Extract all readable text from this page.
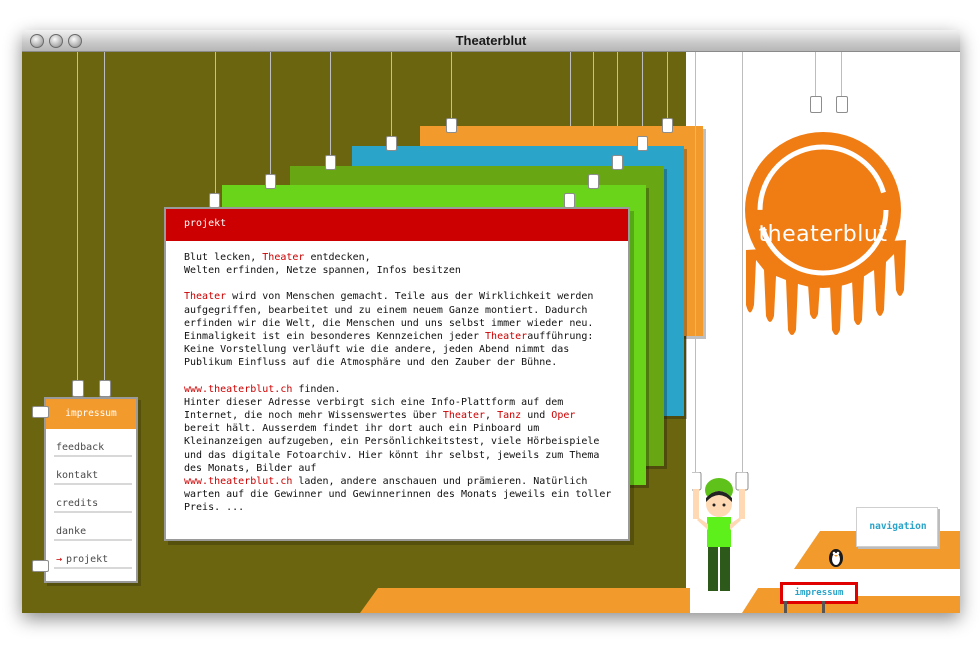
Theaterblut
projekt

Blut lecken, Theater entdecken,
Welten erfinden, Netze spannen, Infos besitzen

Theater wird von Menschen gemacht. Teile aus der Wirklichkeit werden aufgegriffen, bearbeitet und zu einem neuem Ganze montiert. Dadurch erfinden wir die Welt, die Menschen und uns selbst immer wieder neu. Einmaligkeit ist ein besonderes Kennzeichen jeder Theateraufführung: Keine Vorstellung verläuft wie die andere, jeden Abend nimmt das Publikum Einfluss auf die Atmosphäre und den Zauber der Bühne.

www.theaterblut.ch finden.
Hinter dieser Adresse verbirgt sich eine Info-Plattform auf dem Internet, die noch mehr Wissenswertes über Theater, Tanz und Oper bereit hält. Ausserdem findet ihr dort auch ein Pinboard um Kleinanzeigen aufzugeben, ein Persönlichkeitstest, viele Hörbeispiele und das digitale Fotoarchiv. Hier könnt ihr selbst, jeweils zum Thema des Monats, Bilder auf
www.theaterblut.ch laden, andere anschauen und prämieren. Natürlich warten auf die Gewinner und Gewinnerinnen des Monats jeweils ein toller Preis. ...

impressum
feedback
kontakt
credits
danke
→ projekt
theaterblut
navigation
impressum
